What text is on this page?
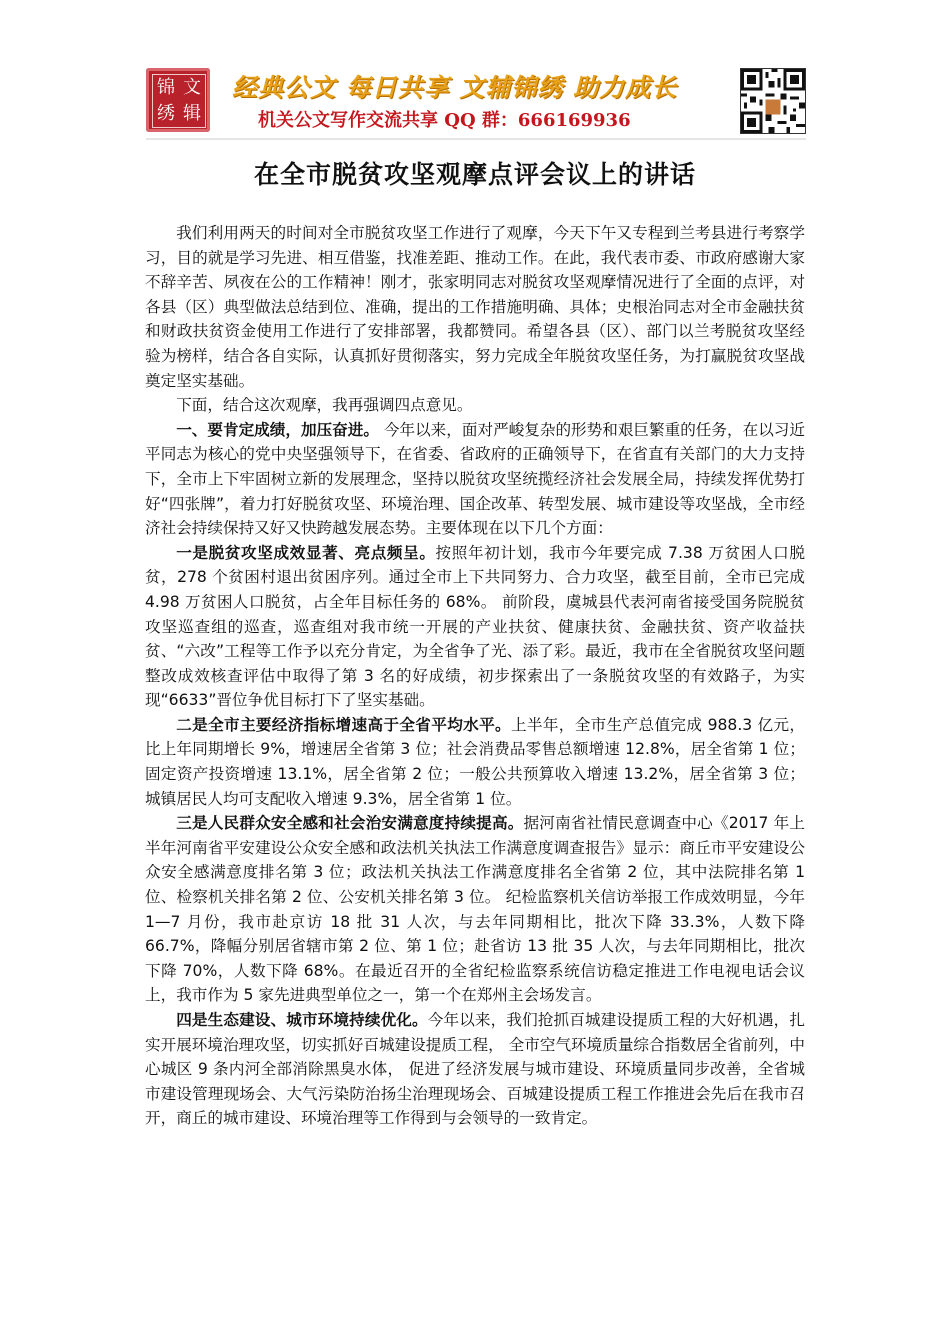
锦 文
绣 辑
经典公文 每日共享 文辅锦绣 助力成长
机关公文写作交流共享 QQ 群：666169936
在全市脱贫攻坚观摩点评会议上的讲话

我们利用两天的时间对全市脱贫攻坚工作进行了观摩，今天下午又专程到兰考县进行考察学习，目的就是学习先进、相互借鉴，找准差距、推动工作。在此，我代表市委、市政府感谢大家不辞辛苦、夙夜在公的工作精神！刚才，张家明同志对脱贫攻坚观摩情况进行了全面的点评，对各县（区）典型做法总结到位、准确，提出的工作措施明确、具体；史根治同志对全市金融扶贫和财政扶贫资金使用工作进行了安排部署，我都赞同。希望各县（区）、部门以兰考脱贫攻坚经验为榜样，结合各自实际，认真抓好贯彻落实，努力完成全年脱贫攻坚任务，为打赢脱贫攻坚战奠定坚实基础。

下面，结合这次观摩，我再强调四点意见。

一、要肯定成绩，加压奋进。 今年以来，面对严峻复杂的形势和艰巨繁重的任务，在以习近平同志为核心的党中央坚强领导下，在省委、省政府的正确领导下，在省直有关部门的大力支持下，全市上下牢固树立新的发展理念，坚持以脱贫攻坚统揽经济社会发展全局，持续发挥优势打好“四张牌”，着力打好脱贫攻坚、环境治理、国企改革、转型发展、城市建设等攻坚战，全市经济社会持续保持又好又快跨越发展态势。主要体现在以下几个方面：

一是脱贫攻坚成效显著、亮点频呈。按照年初计划，我市今年要完成 7.38 万贫困人口脱贫，278 个贫困村退出贫困序列。通过全市上下共同努力、合力攻坚，截至目前，全市已完成 4.98 万贫困人口脱贫，占全年目标任务的 68%。 前阶段，虞城县代表河南省接受国务院脱贫攻坚巡查组的巡查，巡查组对我市统一开展的产业扶贫、健康扶贫、金融扶贫、资产收益扶贫、“六改”工程等工作予以充分肯定，为全省争了光、添了彩。最近，我市在全省脱贫攻坚问题整改成效核查评估中取得了第 3 名的好成绩，初步探索出了一条脱贫攻坚的有效路子，为实现“6633”晋位争优目标打下了坚实基础。

二是全市主要经济指标增速高于全省平均水平。上半年，全市生产总值完成 988.3 亿元，比上年同期增长 9%，增速居全省第 3 位；社会消费品零售总额增速 12.8%，居全省第 1 位；固定资产投资增速 13.1%，居全省第 2 位；一般公共预算收入增速 13.2%，居全省第 3 位；城镇居民人均可支配收入增速 9.3%，居全省第 1 位。

三是人民群众安全感和社会治安满意度持续提高。据河南省社情民意调查中心《2017 年上半年河南省平安建设公众安全感和政法机关执法工作满意度调查报告》显示：商丘市平安建设公众安全感满意度排名第 3 位；政法机关执法工作满意度排名全省第 2 位，其中法院排名第 1 位、检察机关排名第 2 位、公安机关排名第 3 位。 纪检监察机关信访举报工作成效明显，今年 1—7 月份，我市赴京访 18 批 31 人次，与去年同期相比，批次下降 33.3%，人数下降 66.7%，降幅分别居省辖市第 2 位、第 1 位；赴省访 13 批 35 人次，与去年同期相比，批次下降 70%，人数下降 68%。在最近召开的全省纪检监察系统信访稳定推进工作电视电话会议上，我市作为 5 家先进典型单位之一，第一个在郑州主会场发言。

四是生态建设、城市环境持续优化。今年以来，我们抢抓百城建设提质工程的大好机遇，扎实开展环境治理攻坚，切实抓好百城建设提质工程， 全市空气环境质量综合指数居全省前列，中心城区 9 条内河全部消除黑臭水体， 促进了经济发展与城市建设、环境质量同步改善，全省城市建设管理现场会、大气污染防治扬尘治理现场会、百城建设提质工程工作推进会先后在我市召开，商丘的城市建设、环境治理等工作得到与会领导的一致肯定。
